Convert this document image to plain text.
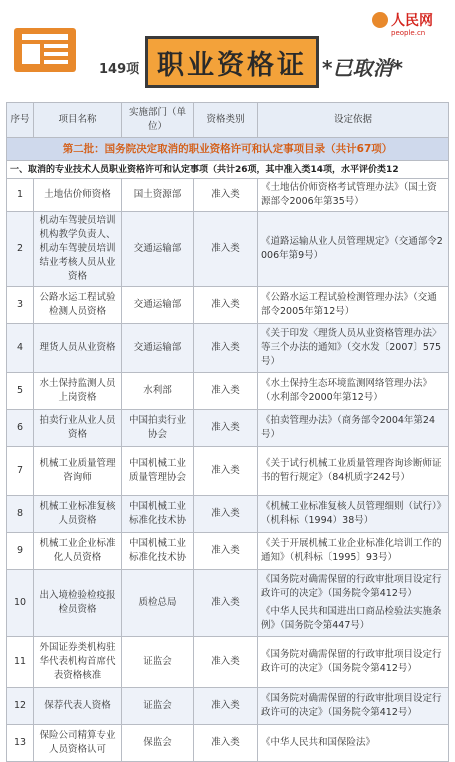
149项 职业资格证 *已取消*
人民网
people.cn
第二批：国务院决定取消的职业资格许可和认定事项目录（共计67项）				
一、取消的专业技术人员职业资格许可和认定事项（共计26项，其中准入类14项，水平评价类12				
序号	项目名称	实施部门（单位）	资格类别	设定依据
1	土地估价师资格	国土资源部	准入类	《土地估价师资格考试管理办法》（国土资源部令2006年第35号）
2	机动车驾驶员培训机构教学负责人、机动车驾驶员培训结业考核人员从业资格	交通运输部	准入类	《道路运输从业人员管理规定》（交通部令2006年第9号）
3	公路水运工程试验检测人员资格	交通运输部	准入类	《公路水运工程试验检测管理办法》（交通部令2005年第12号）
4	理货人员从业资格	交通运输部	准入类	《关于印发〈理货人员从业资格管理办法〉等三个办法的通知》（交水发〔2007〕575号）
5	水土保持监测人员上岗资格	水利部	准入类	《水土保持生态环境监测网络管理办法》（水利部令2000年第12号）
6	拍卖行业从业人员资格	中国拍卖行业协会	准入类	《拍卖管理办法》（商务部令2004年第24号）
7	机械工业质量管理咨询师	中国机械工业质量管理协会	准入类	《关于试行机械工业质量管理咨询诊断师证书的暂行规定》（84机质字242号）
8	机械工业标准复核人员资格	中国机械工业标准化技术协	准入类	《机械工业标准复核人员管理细则（试行）》（机科标（1994）38号）
9	机械工业企业标准化人员资格	中国机械工业标准化技术协	准入类	《关于开展机械工业企业标准化培训工作的通知》（机科标〔1995〕93号）
10	出入境检验检疫报检员资格	质检总局	准入类	《国务院对确需保留的行政审批项目设定行政许可的决定》（国务院令第412号）
《中华人民共和国进出口商品检验法实施条例》（国务院令第447号）

11	外国证券类机构驻华代表机构首席代表资格核准	证监会	准入类	《国务院对确需保留的行政审批项目设定行政许可的决定》（国务院令第412号）
12	保荐代表人资格	证监会	准入类	《国务院对确需保留的行政审批项目设定行政许可的决定》（国务院令第412号）
13	保险公司精算专业人员资格认可	保监会	准入类	《中华人民共和国保险法》
